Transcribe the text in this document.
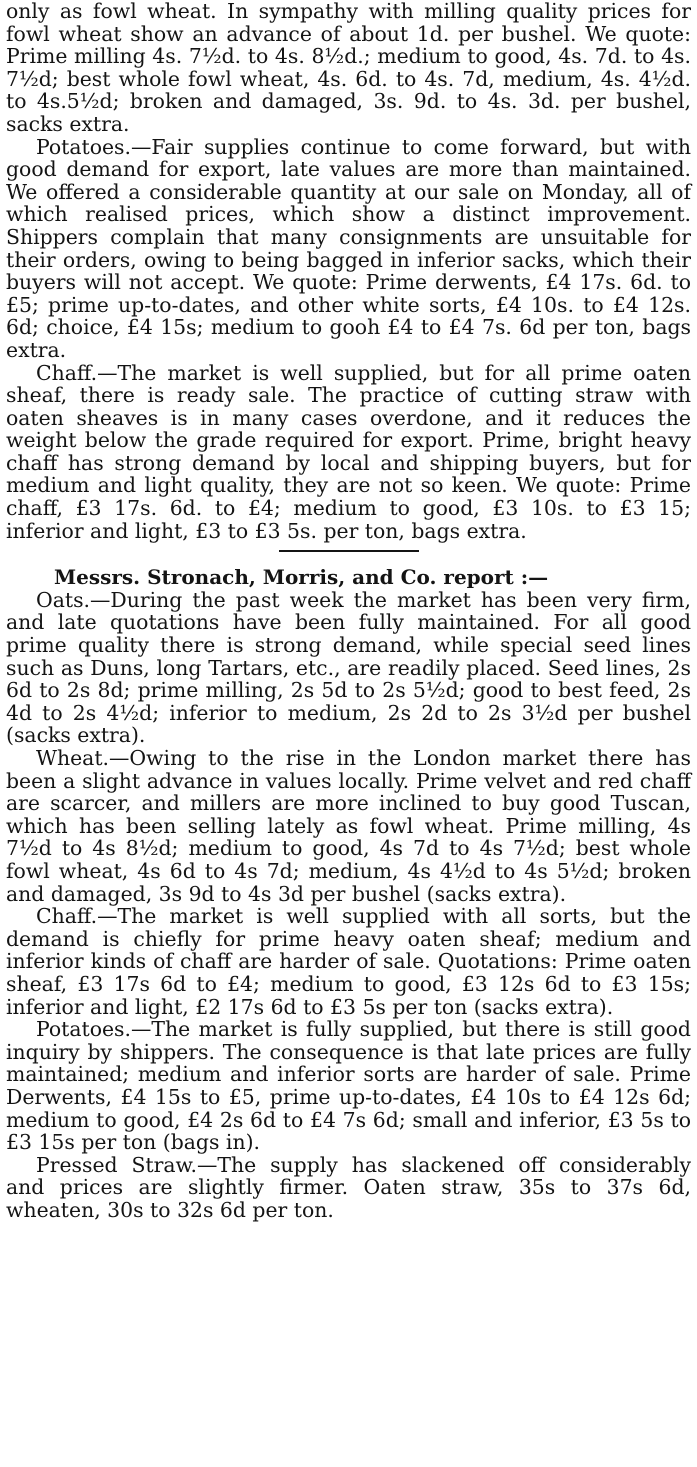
only as fowl wheat. In sympathy with milling quality prices for fowl wheat show an advance of about 1d. per bushel. We quote: Prime milling 4s. 7½d. to 4s. 8½d.; medium to good, 4s. 7d. to 4s. 7½d; best whole fowl wheat, 4s. 6d. to 4s. 7d, medium, 4s. 4½d. to 4s.5½d; broken and damaged, 3s. 9d. to 4s. 3d. per bushel, sacks extra.

Potatoes.—Fair supplies continue to come forward, but with good demand for export, late values are more than maintained. We offered a considerable quantity at our sale on Monday, all of which realised prices, which show a distinct improvement. Shippers complain that many consignments are unsuitable for their orders, owing to being bagged in inferior sacks, which their buyers will not accept. We quote: Prime derwents, £4 17s. 6d. to £5; prime up-to-dates, and other white sorts, £4 10s. to £4 12s. 6d; choice, £4 15s; medium to gooh £4 to £4 7s. 6d per ton, bags extra.

Chaff.—The market is well supplied, but for all prime oaten sheaf, there is ready sale. The practice of cutting straw with oaten sheaves is in many cases overdone, and it reduces the weight below the grade required for export. Prime, bright heavy chaff has strong demand by local and shipping buyers, but for medium and light quality, they are not so keen. We quote: Prime chaff, £3 17s. 6d. to £4; medium to good, £3 10s. to £3 15; inferior and light, £3 to £3 5s. per ton, bags extra.

Messrs. Stronach, Morris, and Co. report :—

Oats.—During the past week the market has been very firm, and late quotations have been fully maintained. For all good prime quality there is strong demand, while special seed lines such as Duns, long Tartars, etc., are readily placed. Seed lines, 2s 6d to 2s 8d; prime milling, 2s 5d to 2s 5½d; good to best feed, 2s 4d to 2s 4½d; inferior to medium, 2s 2d to 2s 3½d per bushel (sacks extra).

Wheat.—Owing to the rise in the London market there has been a slight advance in values locally. Prime velvet and red chaff are scarcer, and millers are more inclined to buy good Tuscan, which has been selling lately as fowl wheat. Prime milling, 4s 7½d to 4s 8½d; medium to good, 4s 7d to 4s 7½d; best whole fowl wheat, 4s 6d to 4s 7d; medium, 4s 4½d to 4s 5½d; broken and damaged, 3s 9d to 4s 3d per bushel (sacks extra).

Chaff.—The market is well supplied with all sorts, but the demand is chiefly for prime heavy oaten sheaf; medium and inferior kinds of chaff are harder of sale. Quotations: Prime oaten sheaf, £3 17s 6d to £4; medium to good, £3 12s 6d to £3 15s; inferior and light, £2 17s 6d to £3 5s per ton (sacks extra).

Potatoes.—The market is fully supplied, but there is still good inquiry by shippers. The consequence is that late prices are fully maintained; medium and inferior sorts are harder of sale. Prime Derwents, £4 15s to £5, prime up-to-dates, £4 10s to £4 12s 6d; medium to good, £4 2s 6d to £4 7s 6d; small and inferior, £3 5s to £3 15s per ton (bags in).

Pressed Straw.—The supply has slackened off considerably and prices are slightly firmer. Oaten straw, 35s to 37s 6d, wheaten, 30s to 32s 6d per ton.
